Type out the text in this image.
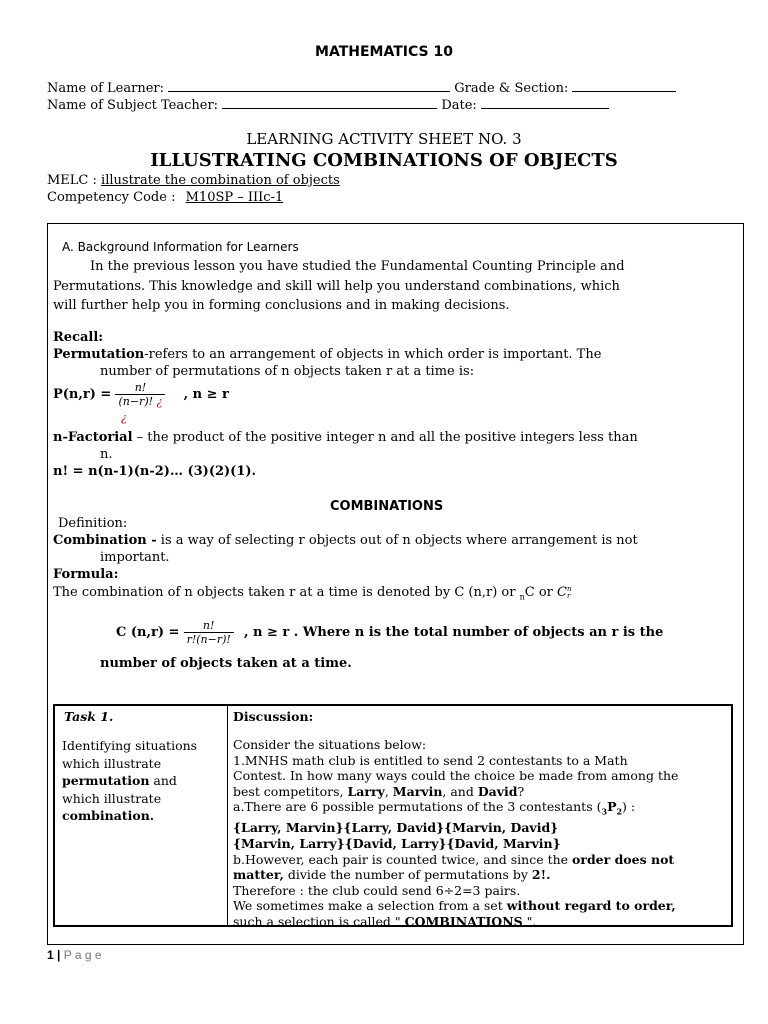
MATHEMATICS 10
Name of Learner:	Grade & Section:
Name of Subject Teacher:	Date:
LEARNING ACTIVITY SHEET NO. 3
ILLUSTRATING COMBINATIONS OF OBJECTS
MELC : illustrate the combination of objects
Competency Code : M10SP – IIIc-1
A. Background Information for Learners
In the previous lesson you have studied the Fundamental Counting Principle and
Permutations. This knowledge and skill will help you understand combinations, which
will further help you in forming conclusions and in making decisions.
Recall:
Permutation-refers to an arrangement of objects in which order is important. The
number of permutations of n objects taken r at a time is:
$P(n,r) = \frac{n!}{(n-r)! ¿}$ , n ≥ r
¿
n-Factorial – the product of the positive integer n and all the positive integers less than
n.
n! = n(n-1)(n-2)… (3)(2)(1).
COMBINATIONS
Definition:
Combination - is a way of selecting r objects out of n objects where arrangement is not
important.
Formula:
The combination of n objects taken r at a time is denoted by C (n,r) or $_n$C or C n
r
C $(n,r) = \frac{n!}{r!(n-r)!}$ , n ≥ r . Where n is the total number of objects an r is the
number of objects taken at a time.
Task 1.
Identifying situations
which illustrate
permutation and
which illustrate
combination.
Discussion:
Consider the situations below:
1.MNHS math club is entitled to send 2 contestants to a Math
Contest. In how many ways could the choice be made from among the
best competitors, Larry, Marvin, and David?
a.There are 6 possible permutations of the 3 contestants $(_3P_2)$ :
{Larry, Marvin}{Larry, David}{Marvin, David}
{Marvin, Larry}{David, Larry}{David, Marvin}
b.However, each pair is counted twice, and since the order does not
matter, divide the number of permutations by 2!.
Therefore : the club could send 6÷2=3 pairs.
We sometimes make a selection from a set without regard to order,
such a selection is called " COMBINATIONS ".
1 | P a g e
